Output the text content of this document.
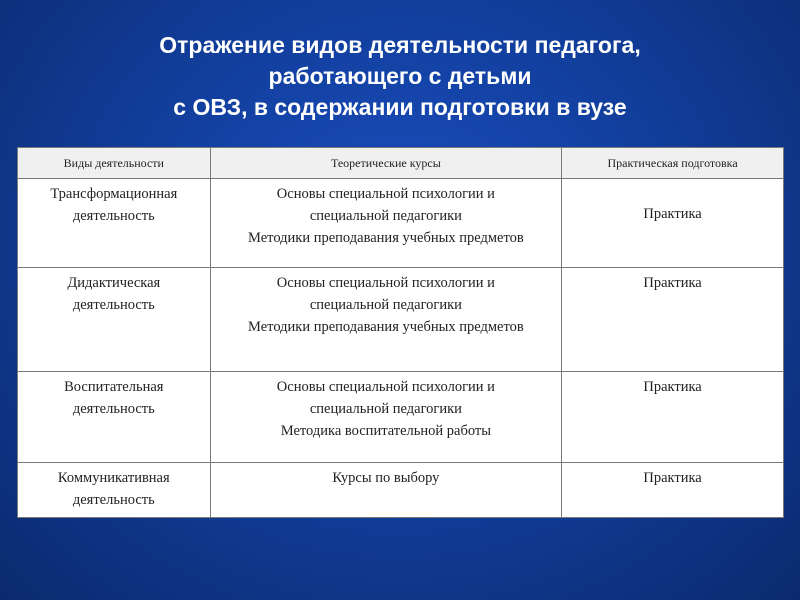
Отражение видов деятельности педагога,
работающего с детьми
с ОВЗ, в содержании подготовки в вузе
Виды деятельности	Теоретические курсы	Практическая подготовка

Трансформационная
деятельность	Основы специальной психологии и
специальной педагогики
Методики преподавания учебных предметов	Практика

Дидактическая
деятельность	Основы специальной психологии и
специальной педагогики
Методики преподавания учебных предметов	Практика

Воспитательная
деятельность	Основы специальной психологии и
специальной педагогики
Методика воспитательной работы	Практика

Коммуникативная
деятельность	Курсы по выбору	Практика
